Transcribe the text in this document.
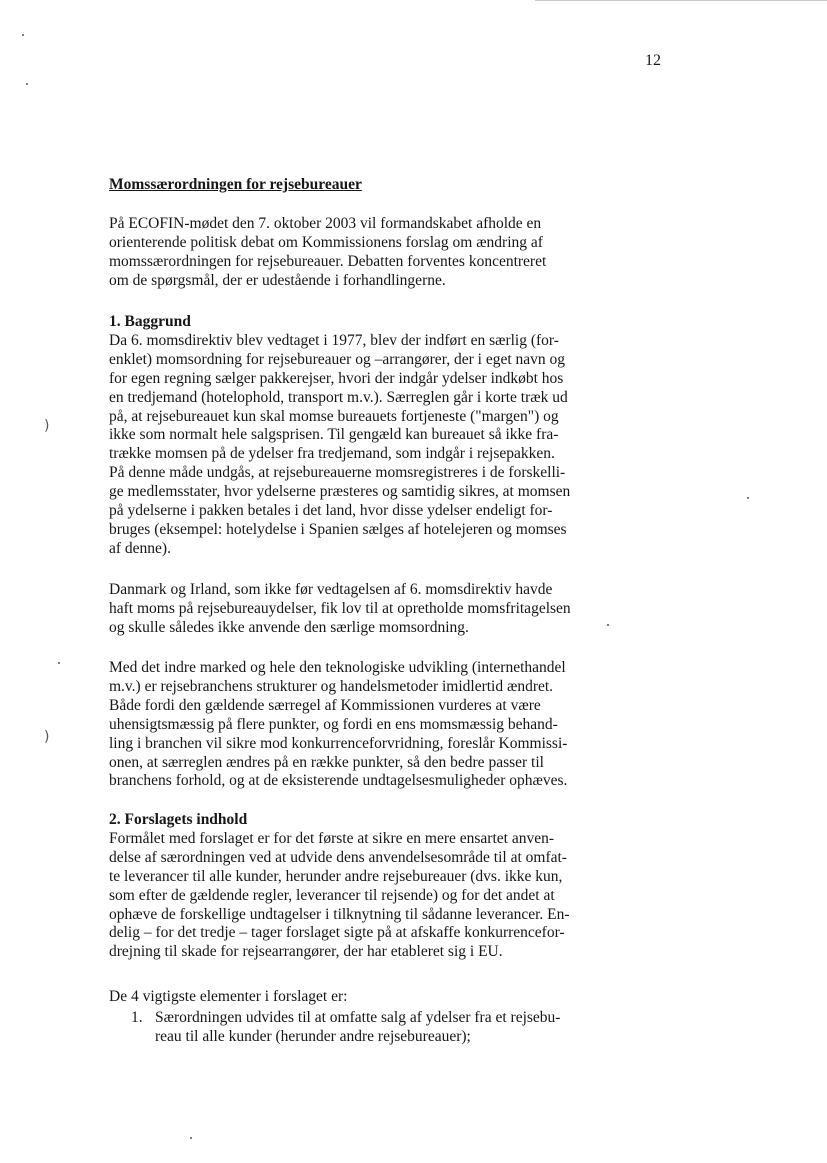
12
Momssærordningen for rejsebureauer
På ECOFIN-mødet den 7. oktober 2003 vil formandskabet afholde en
orienterende politisk debat om Kommissionens forslag om ændring af
momssærordningen for rejsebureauer. Debatten forventes koncentreret
om de spørgsmål, der er udestående i forhandlingerne.
1. Baggrund
Da 6. momsdirektiv blev vedtaget i 1977, blev der indført en særlig (for-
enklet) momsordning for rejsebureauer og –arrangører, der i eget navn og
for egen regning sælger pakkerejser, hvori der indgår ydelser indkøbt hos
en tredjemand (hotelophold, transport m.v.). Særreglen går i korte træk ud
på, at rejsebureauet kun skal momse bureauets fortjeneste ("margen") og
ikke som normalt hele salgsprisen. Til gengæld kan bureauet så ikke fra-
trække momsen på de ydelser fra tredjemand, som indgår i rejsepakken.
På denne måde undgås, at rejsebureauerne momsregistreres i de forskelli-
ge medlemsstater, hvor ydelserne præsteres og samtidig sikres, at momsen
på ydelserne i pakken betales i det land, hvor disse ydelser endeligt for-
bruges (eksempel: hotelydelse i Spanien sælges af hotelejeren og momses
af denne).
Danmark og Irland, som ikke før vedtagelsen af 6. momsdirektiv havde
haft moms på rejsebureauydelser, fik lov til at opretholde momsfritagelsen
og skulle således ikke anvende den særlige momsordning.
Med det indre marked og hele den teknologiske udvikling (internethandel
m.v.) er rejsebranchens strukturer og handelsmetoder imidlertid ændret.
Både fordi den gældende særregel af Kommissionen vurderes at være
uhensigtsmæssig på flere punkter, og fordi en ens momsmæssig behand-
ling i branchen vil sikre mod konkurrenceforvridning, foreslår Kommissi-
onen, at særreglen ændres på en række punkter, så den bedre passer til
branchens forhold, og at de eksisterende undtagelsesmuligheder ophæves.
2. Forslagets indhold
Formålet med forslaget er for det første at sikre en mere ensartet anven-
delse af særordningen ved at udvide dens anvendelsesområde til at omfat-
te leverancer til alle kunder, herunder andre rejsebureauer (dvs. ikke kun,
som efter de gældende regler, leverancer til rejsende) og for det andet at
ophæve de forskellige undtagelser i tilknytning til sådanne leverancer. En-
delig – for det tredje – tager forslaget sigte på at afskaffe konkurrencefor-
drejning til skade for rejsearrangører, der har etableret sig i EU.
De 4 vigtigste elementer i forslaget er:
1. Særordningen udvides til at omfatte salg af ydelser fra et rejsebu-
reau til alle kunder (herunder andre rejsebureauer);
)
)
